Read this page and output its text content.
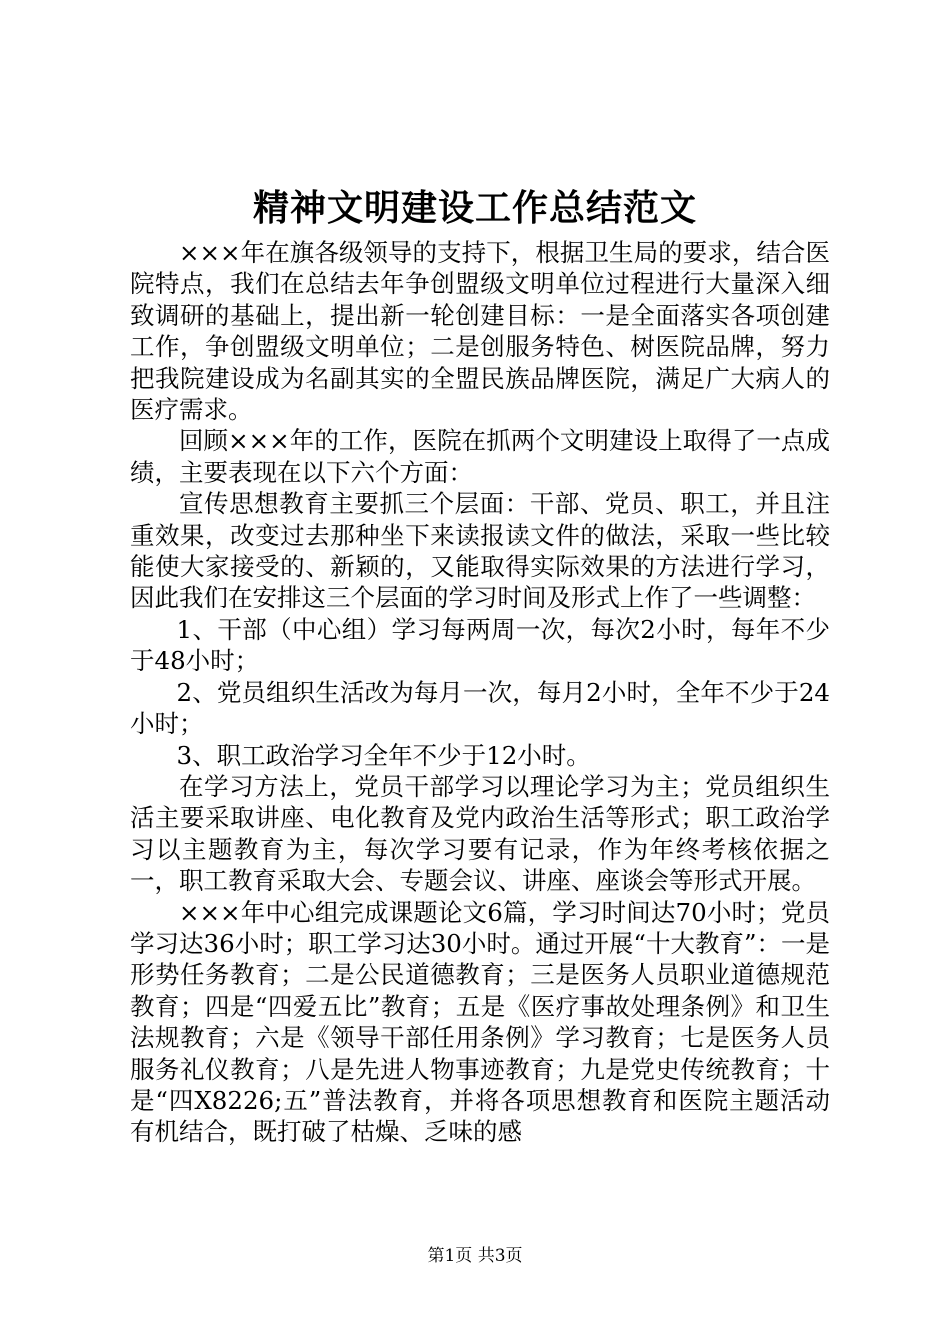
精神文明建设工作总结范文

×××年在旗各级领导的支持下，根据卫生局的要求，结合医院特点，我们在总结去年争创盟级文明单位过程进行大量深入细致调研的基础上，提出新一轮创建目标：一是全面落实各项创建工作，争创盟级文明单位；二是创服务特色、树医院品牌，努力把我院建设成为名副其实的全盟民族品牌医院，满足广大病人的医疗需求。

回顾×××年的工作，医院在抓两个文明建设上取得了一点成绩，主要表现在以下六个方面：

宣传思想教育主要抓三个层面：干部、党员、职工，并且注重效果，改变过去那种坐下来读报读文件的做法，采取一些比较能使大家接受的、新颖的，又能取得实际效果的方法进行学习，因此我们在安排这三个层面的学习时间及形式上作了一些调整：

1、干部（中心组）学习每两周一次，每次2小时，每年不少于48小时；

2、党员组织生活改为每月一次，每月2小时，全年不少于24小时；

3、职工政治学习全年不少于12小时。

在学习方法上，党员干部学习以理论学习为主；党员组织生活主要采取讲座、电化教育及党内政治生活等形式；职工政治学习以主题教育为主，每次学习要有记录，作为年终考核依据之一，职工教育采取大会、专题会议、讲座、座谈会等形式开展。

×××年中心组完成课题论文6篇，学习时间达70小时；党员学习达36小时；职工学习达30小时。通过开展“十大教育”：一是形势任务教育；二是公民道德教育；三是医务人员职业道德规范教育；四是“四爱五比”教育；五是《医疗事故处理条例》和卫生法规教育；六是《领导干部任用条例》学习教育；七是医务人员服务礼仪教育；八是先进人物事迹教育；九是党史传统教育；十是“四X8226;五”普法教育，并将各项思想教育和医院主题活动有机结合，既打破了枯燥、乏味的感

第1页 共3页
